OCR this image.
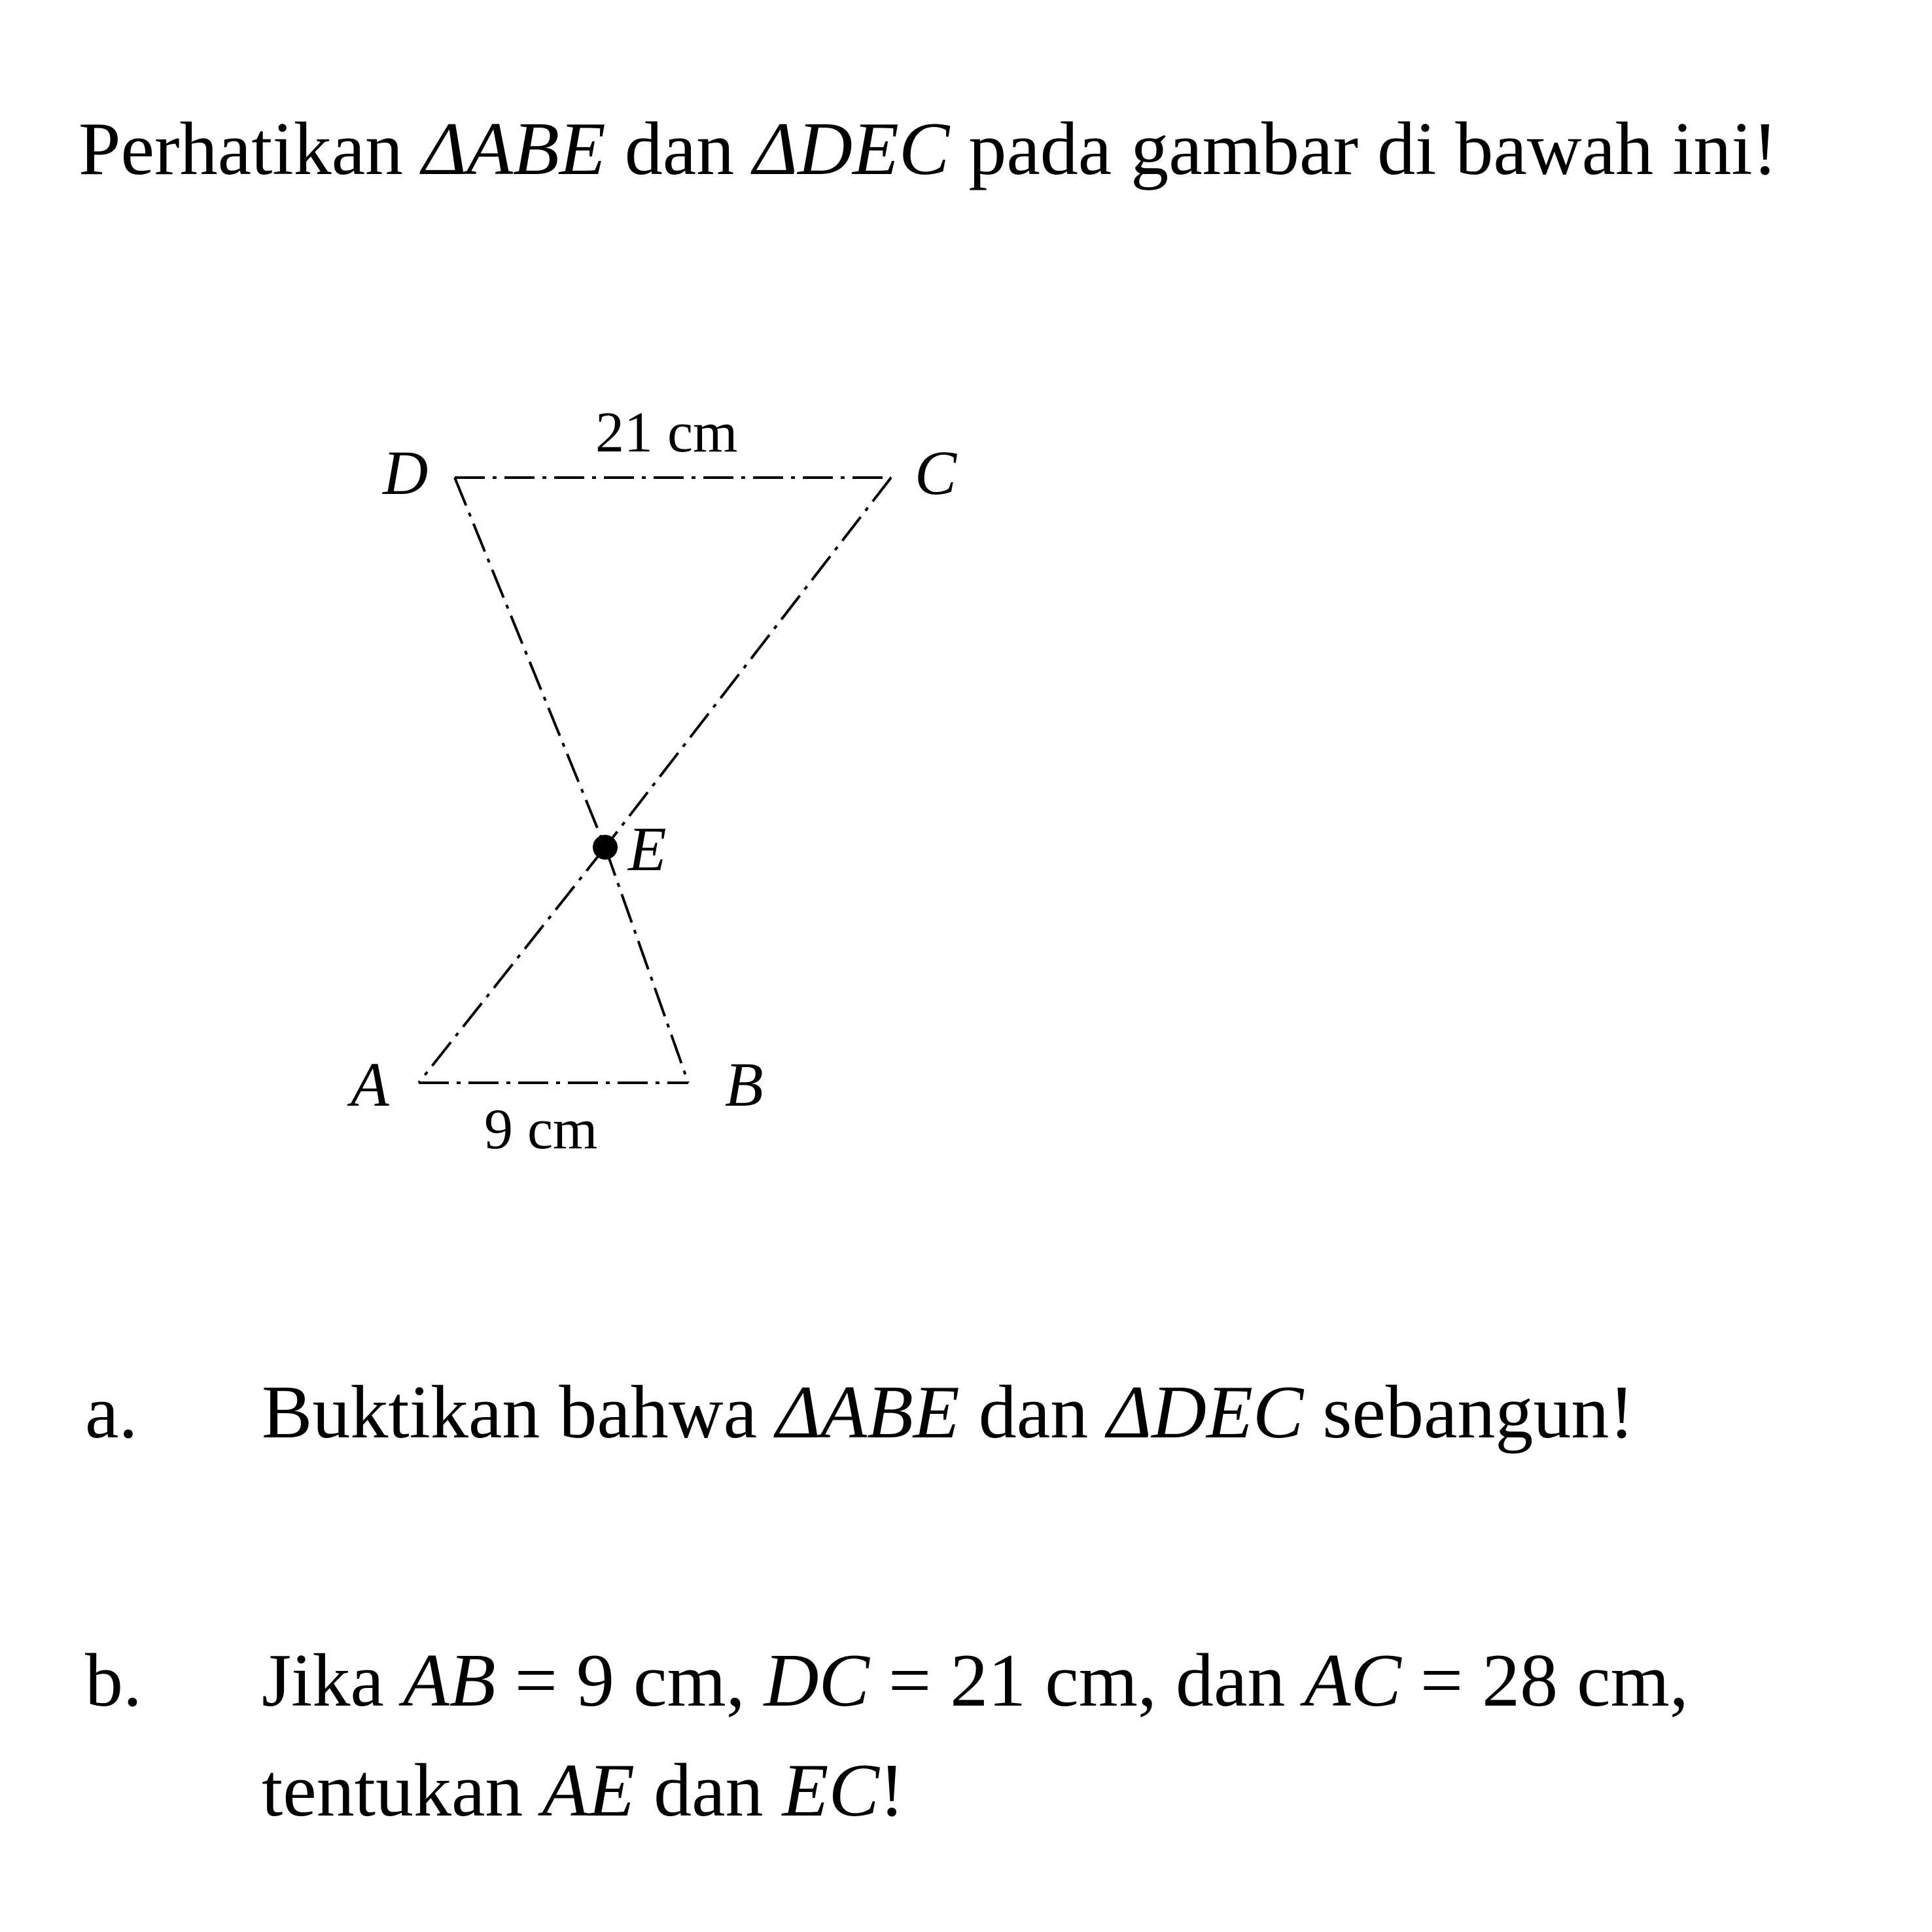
Perhatikan ΔABE dan ΔDEC pada gambar di bawah ini!

D	C
E
A	B
21 cm
9 cm
a. Buktikan bahwa ΔABE dan ΔDEC sebangun!
b. Jika AB = 9 cm, DC = 21 cm, dan AC = 28 cm, tentukan AE dan EC!
